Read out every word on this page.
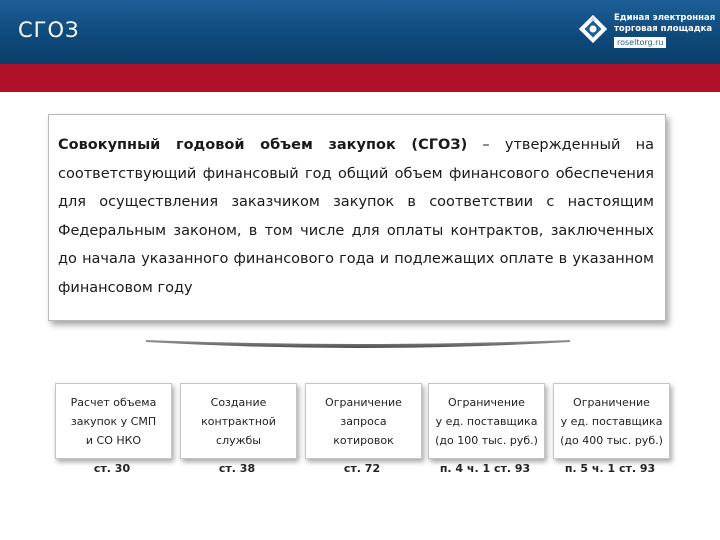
СГОЗ	Единая электронная
торговая площадка
roseltorg.ru
Совокупный годовой объем закупок (СГОЗ) – утвержденный на соответствующий финансовый год общий объем финансового обеспечения для осуществления заказчиком закупок в соответствии с настоящим Федеральным законом, в том числе для оплаты контрактов, заключенных до начала указанного финансового года и подлежащих оплате в указанном финансовом году
Расчет объема
закупок у СМП
и СО НКО
Создание
контрактной
службы
Ограничение
запроса
котировок
Ограничение
у ед. поставщика
(до 100 тыс. руб.)
Ограничение
у ед. поставщика
(до 400 тыс. руб.)
ст. 30	ст. 38	ст. 72	п. 4 ч. 1 ст. 93	п. 5 ч. 1 ст. 93
